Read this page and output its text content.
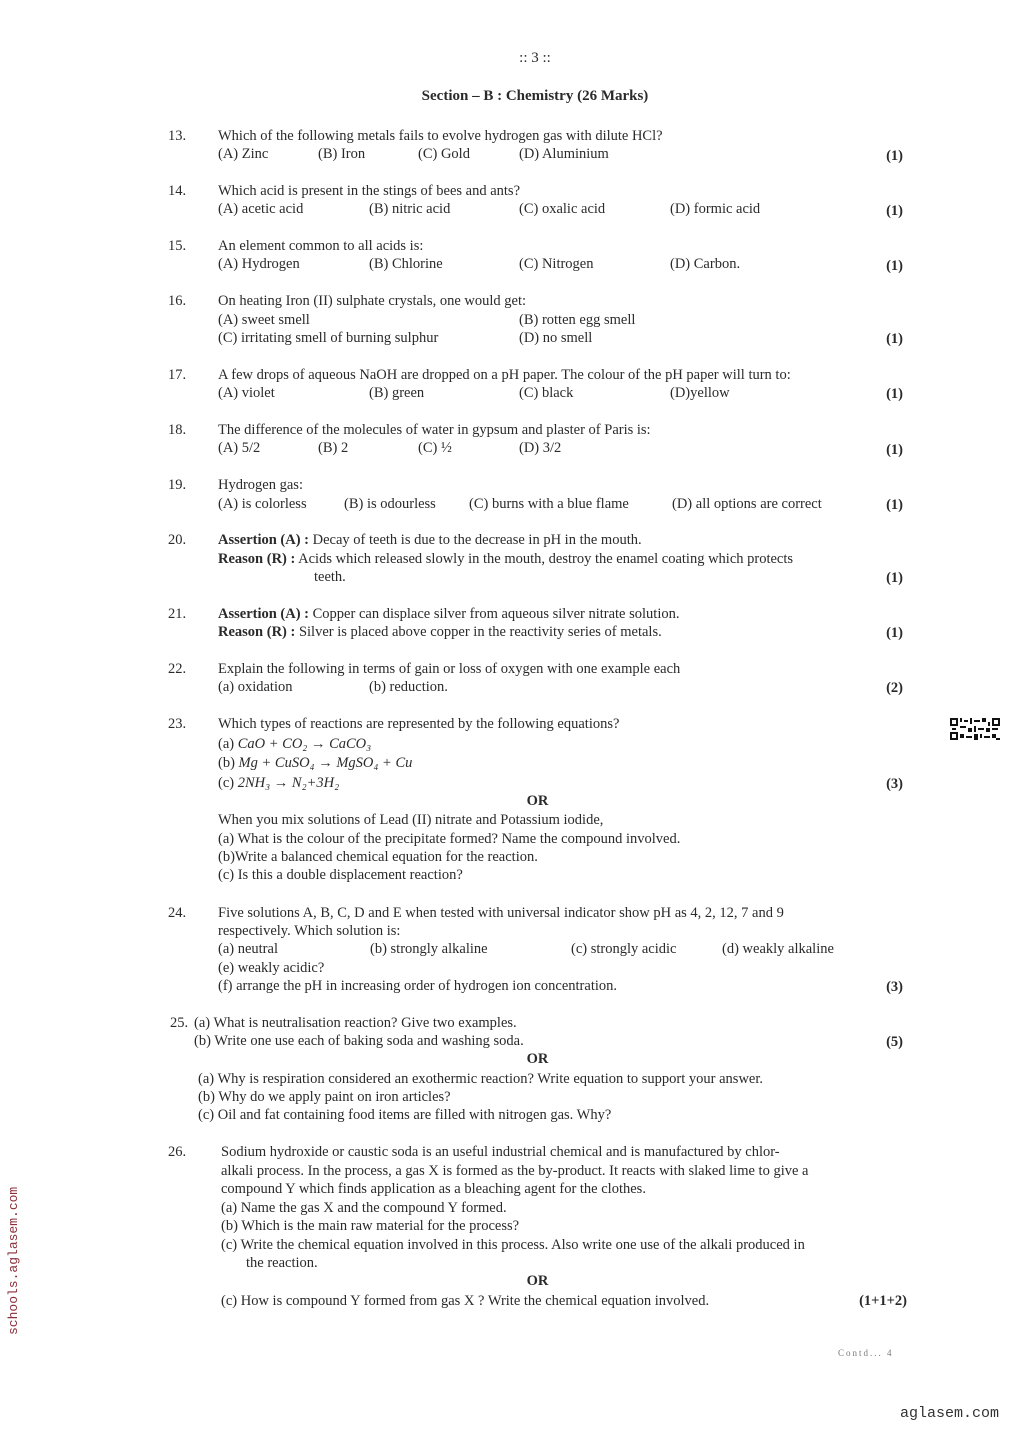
:: 3 ::
Section – B : Chemistry (26 Marks)
13. Which of the following metals fails to evolve hydrogen gas with dilute HCl?
(A) Zinc	(B) Iron	(C) Gold	(D) Aluminium	(1)
14. Which acid is present in the stings of bees and ants?
(A) acetic acid	(B) nitric acid	(C) oxalic acid	(D) formic acid	(1)
15. An element common to all acids is:
(A) Hydrogen	(B) Chlorine	(C) Nitrogen	(D) Carbon.	(1)
16. On heating Iron (II) sulphate crystals, one would get:
(A) sweet smell	(B) rotten egg smell
(C) irritating smell of burning sulphur	(D) no smell	(1)
17. A few drops of aqueous NaOH are dropped on a pH paper. The colour of the pH paper will turn to:
(A) violet	(B) green	(C) black	(D)yellow	(1)
18. The difference of the molecules of water in gypsum and plaster of Paris is:
(A) 5/2	(B) 2	(C) ½	(D) 3/2	(1)
19. Hydrogen gas:
(A) is colorless	(B) is odourless (C) burns with a blue flame	(D) all options are correct	(1)
20. Assertion (A) : Decay of teeth is due to the decrease in pH in the mouth.
Reason (R) : Acids which released slowly in the mouth, destroy the enamel coating which protects
teeth.	(1)
21. Assertion (A) : Copper can displace silver from aqueous silver nitrate solution.
Reason (R) : Silver is placed above copper in the reactivity series of metals.	(1)
22. Explain the following in terms of gain or loss of oxygen with one example each
(a) oxidation	(b) reduction.	(2)
23. Which types of reactions are represented by the following equations?
(a) CaO + CO₂ → CaCO₃
(b) Mg + CuSO₄ → MgSO₄ + Cu
(c) 2NH₃ → N₂+3H₂	(3)
OR
When you mix solutions of Lead (II) nitrate and Potassium iodide,
(a) What is the colour of the precipitate formed? Name the compound involved.
(b)Write a balanced chemical equation for the reaction.
(c) Is this a double displacement reaction?
24. Five solutions A, B, C, D and E when tested with universal indicator show pH as 4, 2, 12, 7 and 9
respectively. Which solution is:
(a) neutral	(b) strongly alkaline	(c) strongly acidic	(d) weakly alkaline
(e) weakly acidic?
(f) arrange the pH in increasing order of hydrogen ion concentration.	(3)
25. (a) What is neutralisation reaction? Give two examples.
(b) Write one use each of baking soda and washing soda.	(5)
OR
(a) Why is respiration considered an exothermic reaction? Write equation to support your answer.
(b) Why do we apply paint on iron articles?
(c) Oil and fat containing food items are filled with nitrogen gas. Why?
26. Sodium hydroxide or caustic soda is an useful industrial chemical and is manufactured by chlor-
alkali process. In the process, a gas X is formed as the by-product. It reacts with slaked lime to give a
compound Y which finds application as a bleaching agent for the clothes.
(a) Name the gas X and the compound Y formed.
(b) Which is the main raw material for the process?
(c) Write the chemical equation involved in this process. Also write one use of the alkali produced in
the reaction.
OR
(c) How is compound Y formed from gas X ? Write the chemical equation involved.	(1+1+2)
Contd... 4
schools.aglasem.com
aglasem.com
